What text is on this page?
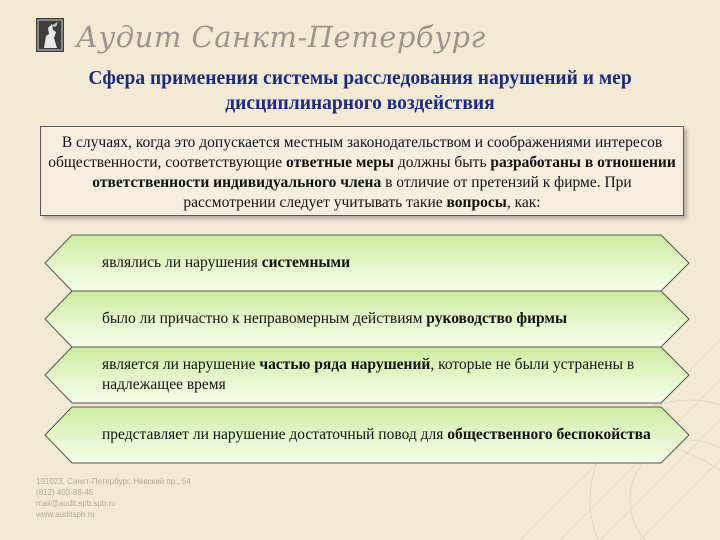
Аудит Санкт-Петербург
Сфера применения системы расследования нарушений и мер
дисциплинарного воздействия
В случаях, когда это допускается местным законодательством и соображениями интересов общественности, соответствующие ответные меры должны быть разработаны в отношении ответственности индивидуального члена в отличие от претензий к фирме. При рассмотрении следует учитывать такие вопросы, как:
являлись ли нарушения системными
было ли причастно к неправомерным действиям руководство фирмы
является ли нарушение частью ряда нарушений, которые не были устранены в надлежащее время
представляет ли нарушение достаточный повод для общественного беспокойства
191023, Санкт-Петербург, Невский пр., 54
(812) 403-86-45
mail@audit.spb.spb.ru
www.auditspb.ru
